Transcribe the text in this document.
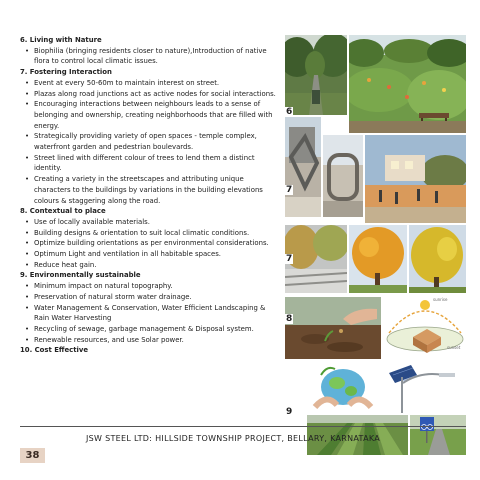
6. Living with Nature
• Biophilia (bringing residents closer to nature),Introduction of native flora to control local climatic issues.
7. Fostering Interaction
• Event at every 50-60m to maintain interest on street.
• Plazas along road junctions act as active nodes for social interactions.
• Encouraging interactions between neighbours leads to a sense of belonging and ownership, creating neighborhoods that are filled with energy.
• Strategically providing variety of open spaces - temple complex, waterfront garden and pedestrian boulevards.
• Street lined with different colour of trees to lend them a distinct identity.
• Creating a variety in the streetscapes and attributing unique characters to the buildings by variations in the building elevations colours & staggering along the road.
8. Contextual to place
• Use of locally available materials.
• Building designs & orientation to suit local climatic conditions.
• Optimize building orientations as per environmental considerations.
• Optimum Light and ventilation in all habitable spaces.
• Reduce heat gain.
9. Environmentally sustainable
• Minimum impact on natural topography.
• Preservation of natural storm water drainage.
• Water Management & Conservation, Water Efficient Landscaping & Rain Water Harvesting
• Recycling of sewage, garbage management & Disposal system.
• Renewable resources, and use Solar power.
10. Cost Effective
sunrise
sunset
6
7
7
8
9
JSW STEEL LTD: HILLSIDE TOWNSHIP PROJECT, BELLARY, KARNATAKA
38
